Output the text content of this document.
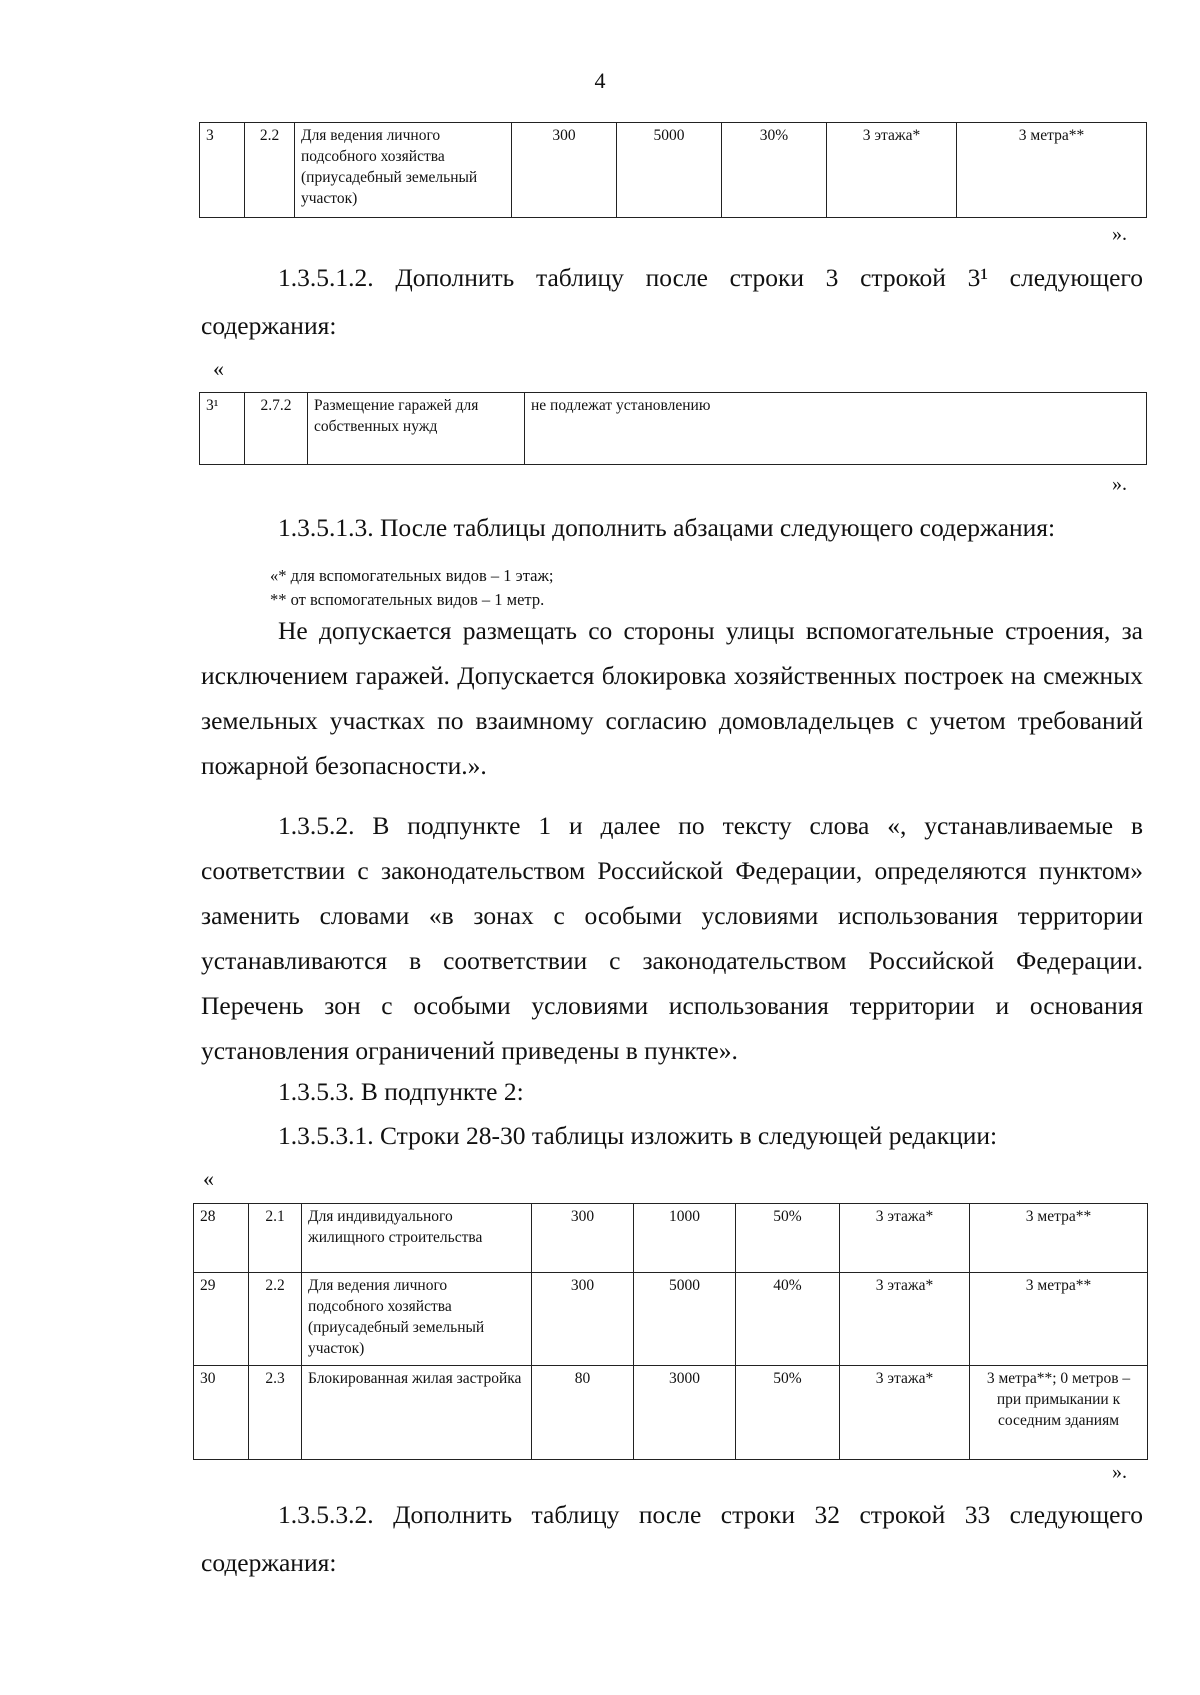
4
3	2.2	Для ведения личного подсобного хозяйства (приусадебный земельный участок)	300	5000	30%	3 этажа*	3 метра**
».
1.3.5.1.2. Дополнить таблицу после строки 3 строкой 3¹ следующего
содержания:
«
3¹	2.7.2	Размещение гаражей для собственных нужд	не подлежат установлению
».
1.3.5.1.3. После таблицы дополнить абзацами следующего содержания:
«* для вспомогательных видов – 1 этаж;
** от вспомогательных видов – 1 метр.
Не допускается размещать со стороны улицы вспомогательные строения, за исключением гаражей. Допускается блокировка хозяйственных построек на смежных земельных участках по взаимному согласию домовладельцев с учетом требований пожарной безопасности.».
1.3.5.2. В подпункте 1 и далее по тексту слова «, устанавливаемые в соответствии с законодательством Российской Федерации, определяются пунктом» заменить словами «в зонах с особыми условиями использования территории устанавливаются в соответствии с законодательством Российской Федерации. Перечень зон с особыми условиями использования территории и основания установления ограничений приведены в пункте».
1.3.5.3. В подпункте 2:
1.3.5.3.1. Строки 28-30 таблицы изложить в следующей редакции:
«
28	2.1	Для индивидуального жилищного строительства	300	1000	50%	3 этажа*	3 метра**
29	2.2	Для ведения личного подсобного хозяйства (приусадебный земельный участок)	300	5000	40%	3 этажа*	3 метра**
30	2.3	Блокированная жилая застройка	80	3000	50%	3 этажа*	3 метра**; 0 метров – при примыкании к соседним зданиям
».
1.3.5.3.2. Дополнить таблицу после строки 32 строкой 33 следующего
содержания:
